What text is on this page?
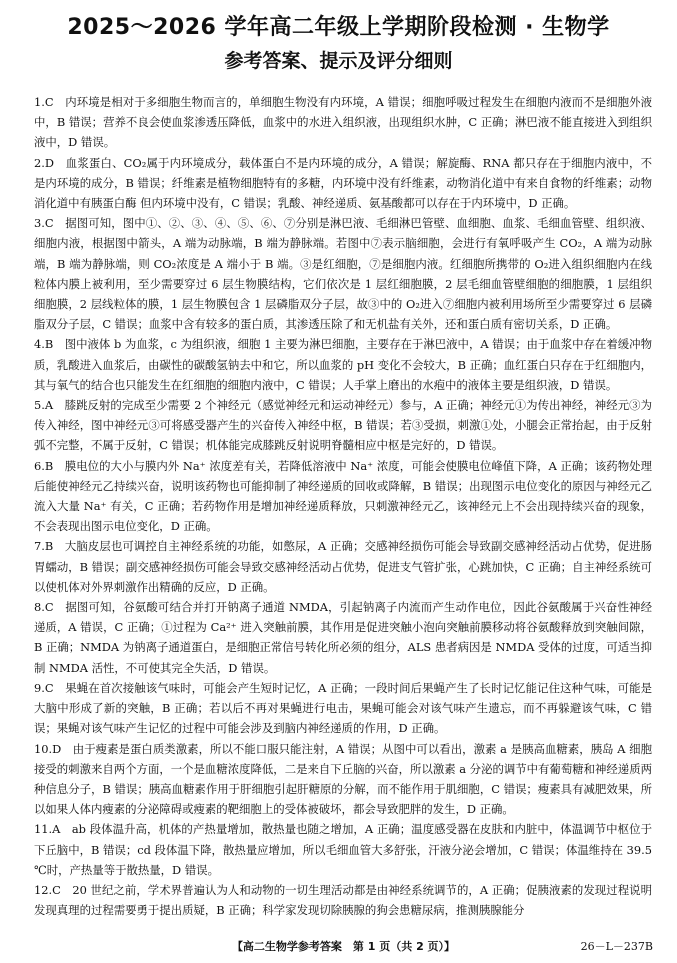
2025～2026 学年高二年级上学期阶段检测 · 生物学
参考答案、提示及评分细则

1.C　 内环境是相对于多细胞生物而言的，单细胞生物没有内环境，A 错误；细胞呼吸过程发生在细胞内液而不是细胞外液中，B 错误；营养不良会使血浆渗透压降低，血浆中的水进入组织液，出现组织水肿，C 正确；淋巴液不能直接进入到组织液中，D 错误。

2.D　 血浆蛋白、CO₂属于内环境成分，载体蛋白不是内环境的成分，A 错误；解旋酶、RNA 都只存在于细胞内液中，不是内环境的成分，B 错误；纤维素是植物细胞特有的多糖，内环境中没有纤维素，动物消化道中有来自食物的纤维素；动物消化道中有胰蛋白酶 但内环境中没有，C 错误；乳酸、神经递质、氨基酸都可以存在于内环境中，D 正确。

3.C　 据图可知，图中①、②、③、④、⑤、⑥、⑦分别是淋巴液、毛细淋巴管壁、血细胞、血浆、毛细血管壁、组织液、细胞内液，根据图中箭头，A 端为动脉端，B 端为静脉端。若图中⑦表示脑细胞，会进行有氧呼吸产生 CO₂，A 端为动脉端，B 端为静脉端，则 CO₂浓度是 A 端小于 B 端。③是红细胞，⑦是细胞内液。红细胞所携带的 O₂进入组织细胞内在线粒体内膜上被利用，至少需要穿过 6 层生物膜结构，它们依次是 1 层红细胞膜，2 层毛细血管壁细胞的细胞膜，1 层组织细胞膜，2 层线粒体的膜，1 层生物膜包含 1 层磷脂双分子层，故③中的 O₂进入⑦细胞内被利用场所至少需要穿过 6 层磷脂双分子层，C 错误；血浆中含有较多的蛋白质，其渗透压除了和无机盐有关外，还和蛋白质有密切关系，D 正确。

4.B　 图中液体 b 为血浆，c 为组织液，细胞 1 主要为淋巴细胞，主要存在于淋巴液中，A 错误；由于血浆中存在着缓冲物质，乳酸进入血浆后，由碳性的碳酸氢钠去中和它，所以血浆的 pH 变化不会较大，B 正确；血红蛋白只存在于红细胞内，其与氧气的结合也只能发生在红细胞的细胞内液中，C 错误；人手掌上磨出的水疱中的液体主要是组织液，D 错误。

5.A　 膝跳反射的完成至少需要 2 个神经元（感觉神经元和运动神经元）参与，A 正确；神经元①为传出神经，神经元③为传入神经，图中神经元③可将感受器产生的兴奋传入神经中枢，B 错误；若③受损，刺激①处，小腿会正常抬起，由于反射弧不完整，不属于反射，C 错误；机体能完成膝跳反射说明脊髓相应中枢是完好的，D 错误。

6.B　 膜电位的大小与膜内外 Na⁺ 浓度差有关，若降低溶液中 Na⁺ 浓度，可能会使膜电位峰值下降，A 正确；该药物处理后能使神经元乙持续兴奋，说明该药物也可能抑制了神经递质的回收或降解，B 错误；出现图示电位变化的原因与神经元乙流入大量 Na⁺ 有关，C 正确；若药物作用是增加神经递质释放，只刺激神经元乙，该神经元上不会出现持续兴奋的现象，不会表现出图示电位变化，D 正确。

7.B　 大脑皮层也可调控自主神经系统的功能，如憋尿，A 正确；交感神经损伤可能会导致副交感神经活动占优势，促进肠胃蠕动，B 错误；副交感神经损伤可能会导致交感神经活动占优势，促进支气管扩张，心跳加快，C 正确；自主神经系统可以使机体对外界刺激作出精确的反应，D 正确。

8.C　 据图可知，谷氨酸可结合并打开钠离子通道 NMDA，引起钠离子内流而产生动作电位，因此谷氨酸属于兴奋性神经递质，A 错误，C 正确；①过程为 Ca²⁺ 进入突触前膜，其作用是促进突触小泡向突触前膜移动将谷氨酸释放到突触间隙，B 正确；NMDA 为钠离子通道蛋白，是细胞正常信号转化所必须的组分，ALS 患者病因是 NMDA 受体的过度，可适当抑制 NMDA 活性，不可使其完全失活，D 错误。

9.C　 果蝇在首次接触该气味时，可能会产生短时记忆，A 正确；一段时间后果蝇产生了长时记忆能记住这种气味，可能是大脑中形成了新的突触，B 正确；若以后不再对果蝇进行电击，果蝇可能会对该气味产生遗忘，而不再躲避该气味，C 错误；果蝇对该气味产生记忆的过程中可能会涉及到脑内神经递质的作用，D 正确。

10.D　 由于瘦素是蛋白质类激素，所以不能口服只能注射，A 错误；从图中可以看出，激素 a 是胰高血糖素，胰岛 A 细胞接受的刺激来自两个方面，一个是血糖浓度降低，二是来自下丘脑的兴奋，所以激素 a 分泌的调节中有葡萄糖和神经递质两种信息分子，B 错误；胰高血糖素作用于肝细胞引起肝糖原的分解，而不能作用于肌细胞，C 错误；瘦素具有减肥效果，所以如果人体内瘦素的分泌障碍或瘦素的靶细胞上的受体被破坏，都会导致肥胖的发生，D 正确。

11.A　 ab 段体温升高，机体的产热量增加，散热量也随之增加，A 正确；温度感受器在皮肤和内脏中，体温调节中枢位于下丘脑中，B 错误；cd 段体温下降，散热量应增加，所以毛细血管大多舒张，汗液分泌会增加，C 错误；体温维持在 39.5 ℃时，产热量等于散热量，D 错误。

12.C　 20 世纪之前，学术界普遍认为人和动物的一切生理活动都是由神经系统调节的，A 正确；促胰液素的发现过程说明发现真理的过程需要勇于提出质疑，B 正确；科学家发现切除胰腺的狗会患糖尿病，推测胰腺能分

【高二生物学参考答案　第 1 页（共 2 页）】	26－L－237B
